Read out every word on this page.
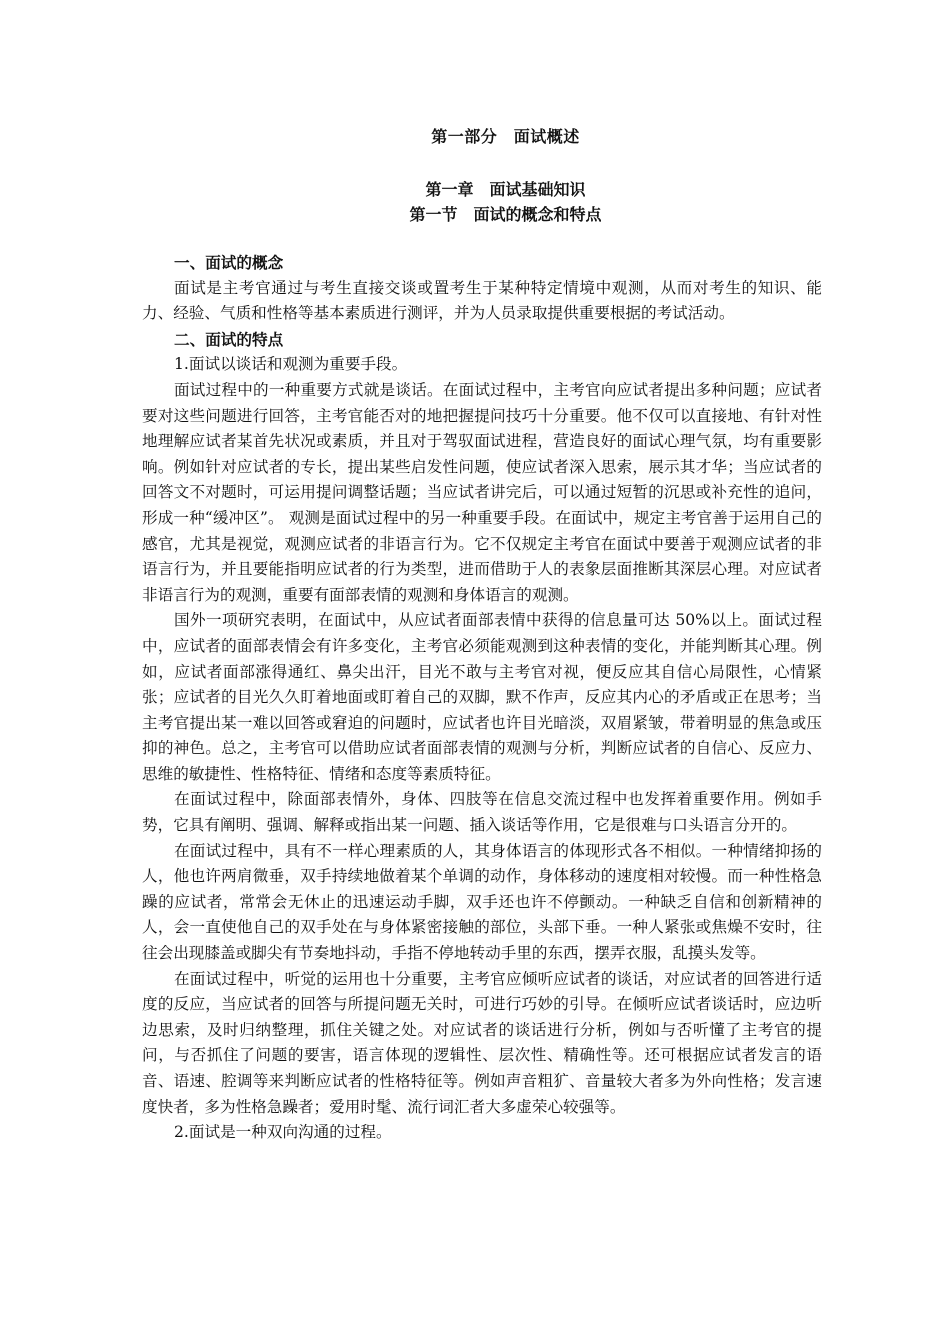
第一部分　面试概述
第一章　面试基础知识
第一节　面试的概念和特点
一、面试的概念

面试是主考官通过与考生直接交谈或置考生于某种特定情境中观测，从而对考生的知识、能力、经验、气质和性格等基本素质进行测评，并为人员录取提供重要根据的考试活动。

二、面试的特点

1.面试以谈话和观测为重要手段。

面试过程中的一种重要方式就是谈话。在面试过程中，主考官向应试者提出多种问题；应试者要对这些问题进行回答，主考官能否对的地把握提问技巧十分重要。他不仅可以直接地、有针对性地理解应试者某首先状况或素质，并且对于驾驭面试进程，营造良好的面试心理气氛，均有重要影响。例如针对应试者的专长，提出某些启发性问题，使应试者深入思索，展示其才华；当应试者的回答文不对题时，可运用提问调整话题；当应试者讲完后，可以通过短暂的沉思或补充性的追问，形成一种“缓冲区”。 观测是面试过程中的另一种重要手段。在面试中，规定主考官善于运用自己的感官，尤其是视觉，观测应试者的非语言行为。它不仅规定主考官在面试中要善于观测应试者的非语言行为，并且要能指明应试者的行为类型，进而借助于人的表象层面推断其深层心理。对应试者非语言行为的观测，重要有面部表情的观测和身体语言的观测。

国外一项研究表明，在面试中，从应试者面部表情中获得的信息量可达 50%以上。面试过程中，应试者的面部表情会有许多变化，主考官必须能观测到这种表情的变化，并能判断其心理。例如，应试者面部涨得通红、鼻尖出汗，目光不敢与主考官对视，便反应其自信心局限性，心情紧张；应试者的目光久久盯着地面或盯着自己的双脚，默不作声，反应其内心的矛盾或正在思考；当主考官提出某一难以回答或窘迫的问题时，应试者也许目光暗淡，双眉紧皱，带着明显的焦急或压抑的神色。总之，主考官可以借助应试者面部表情的观测与分析，判断应试者的自信心、反应力、思维的敏捷性、性格特征、情绪和态度等素质特征。

在面试过程中，除面部表情外，身体、四肢等在信息交流过程中也发挥着重要作用。例如手势，它具有阐明、强调、解释或指出某一问题、插入谈话等作用，它是很难与口头语言分开的。

在面试过程中，具有不一样心理素质的人，其身体语言的体现形式各不相似。一种情绪抑扬的人，他也许两肩微垂，双手持续地做着某个单调的动作，身体移动的速度相对较慢。而一种性格急躁的应试者，常常会无休止的迅速运动手脚，双手还也许不停颤动。一种缺乏自信和创新精神的人，会一直使他自己的双手处在与身体紧密接触的部位，头部下垂。一种人紧张或焦燥不安时，往往会出现膝盖或脚尖有节奏地抖动，手指不停地转动手里的东西，摆弄衣服，乱摸头发等。

在面试过程中，听觉的运用也十分重要，主考官应倾听应试者的谈话，对应试者的回答进行适度的反应，当应试者的回答与所提问题无关时，可进行巧妙的引导。在倾听应试者谈话时，应边听边思索，及时归纳整理，抓住关键之处。对应试者的谈话进行分析，例如与否听懂了主考官的提问，与否抓住了问题的要害，语言体现的逻辑性、层次性、精确性等。还可根据应试者发言的语音、语速、腔调等来判断应试者的性格特征等。例如声音粗犷、音量较大者多为外向性格；发言速度快者，多为性格急躁者；爱用时髦、流行词汇者大多虚荣心较强等。

2.面试是一种双向沟通的过程。
